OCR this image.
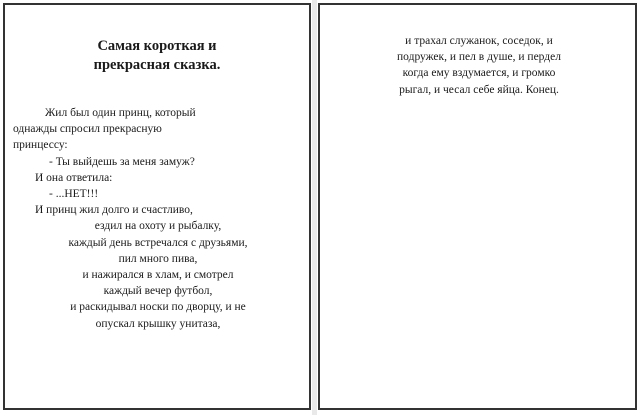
Самая короткая и
прекрасная сказка.
Жил был один принц, который
однажды спросил прекрасную
принцессу:
- Ты выйдешь за меня замуж?
И она ответила:
- ...НЕТ!!!
И принц жил долго и счастливо,
ездил на охоту и рыбалку,
каждый день встречался с друзьями,
пил много пива,
и нажирался в хлам, и смотрел
каждый вечер футбол,
и раскидывал носки по дворцу, и не
опускал крышку унитаза,
и трахал служанок, соседок, и
подружек, и пел в душе, и пердел
когда ему вздумается, и громко
рыгал, и чесал себе яйца. Конец.
